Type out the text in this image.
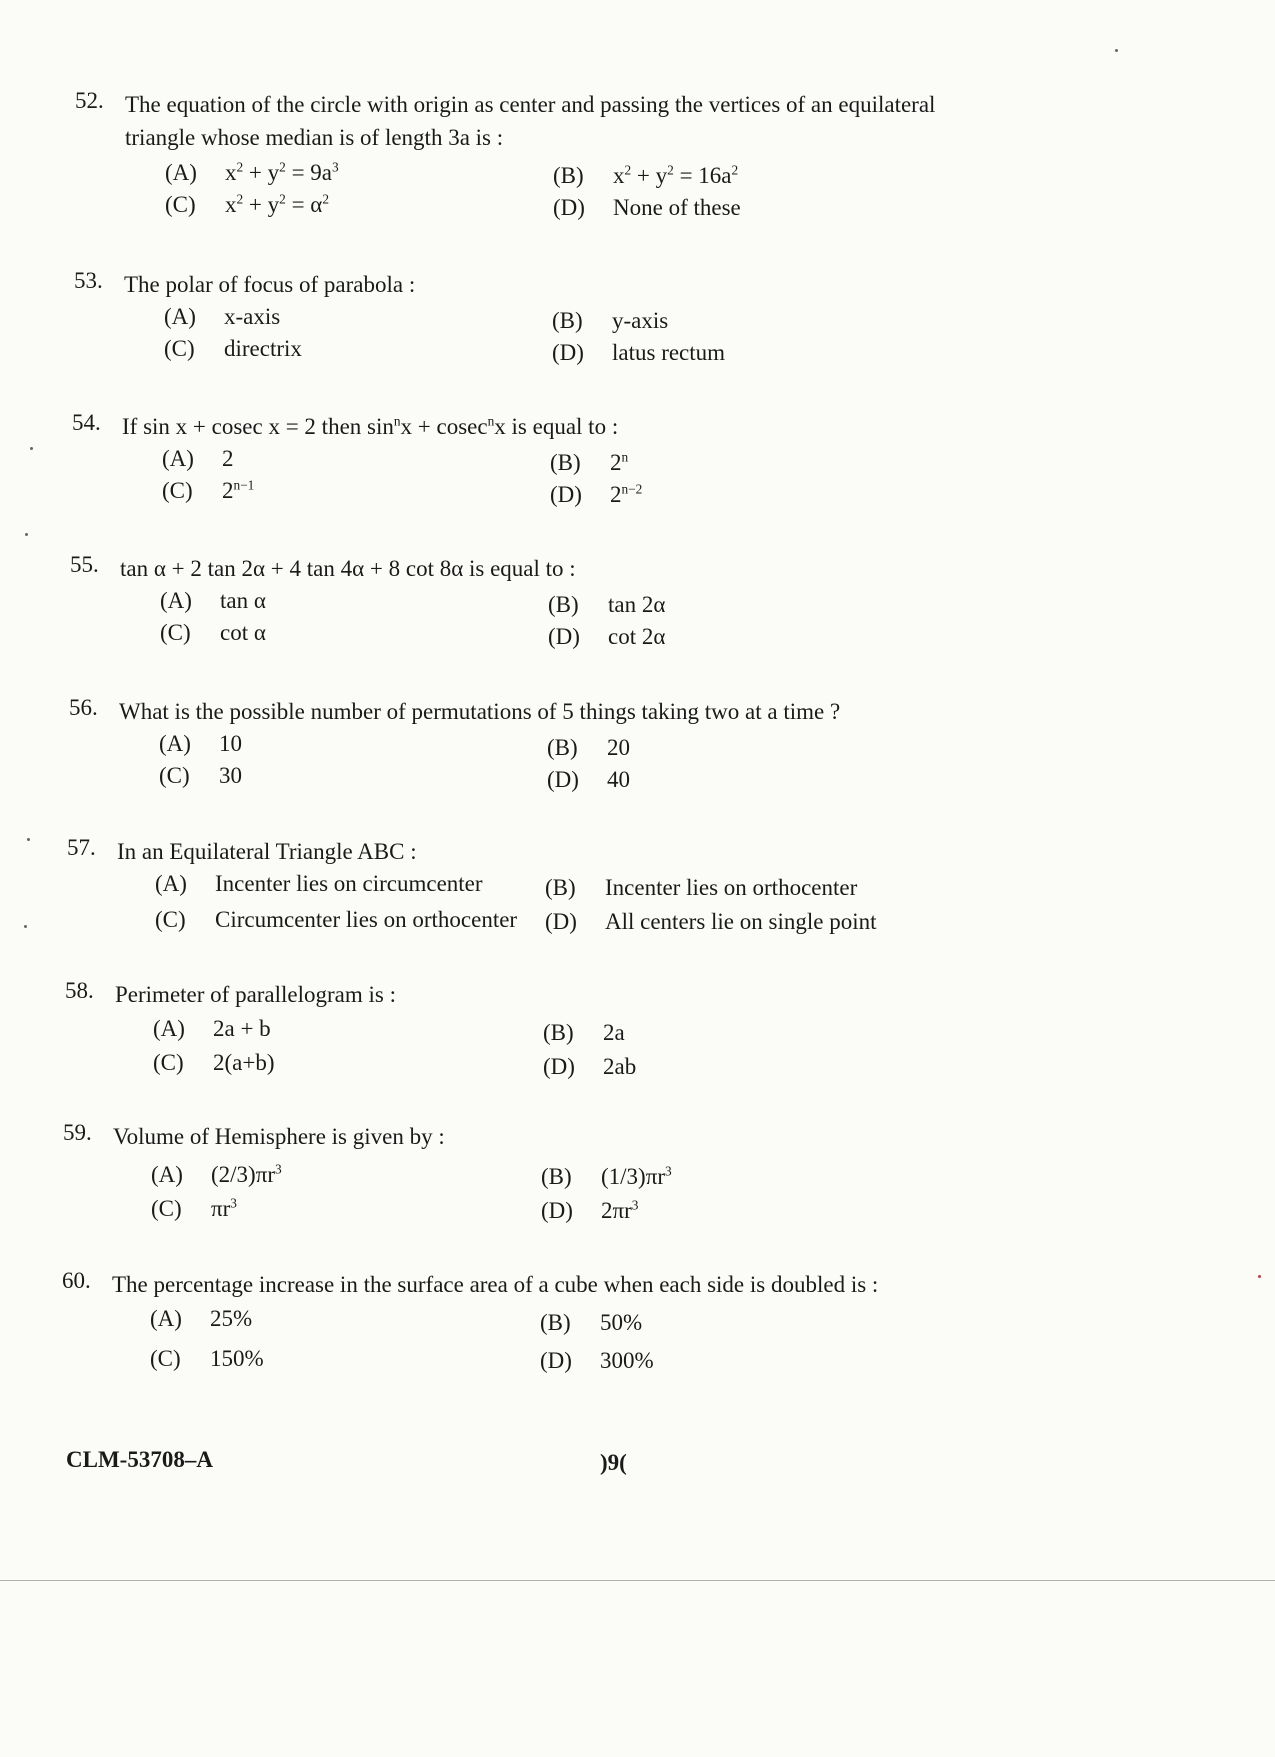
52. The equation of the circle with origin as center and passing the vertices of an equilateral triangle whose median is of length 3a is :
(A) $x^2 + y^2 = 9a^3$	(B) $x^2 + y^2 = 16a^2$
(C) $x^2 + y^2 = \alpha^2$	(D) None of these
53. The polar of focus of parabola :
(A) x-axis	(B) y-axis
(C) directrix	(D) latus rectum
54. If sin x + cosec x = 2 then $\sin^nx + cosec^nx$ is equal to :
(A) 2	(B) 2$^n$
(C) $2^{n-1}$	(D) $2^{n-2}$
55. tan α + 2 tan 2α + 4 tan 4α + 8 cot 8α is equal to :
(A) tan α	(B) tan 2α
(C) cot α	(D) cot 2α
56. What is the possible number of permutations of 5 things taking two at a time ?
(A) 10	(B) 20
(C) 30	(D) 40
57. In an Equilateral Triangle ABC :
(A) Incenter lies on circumcenter	(B) Incenter lies on orthocenter
(C) Circumcenter lies on orthocenter (D) All centers lie on single point
58. Perimeter of parallelogram is :
(A) 2a + b	(B) 2a
(C) 2(a+b)	(D) 2ab
59. Volume of Hemisphere is given by :
(A) $(2/3)\pi r^3$	(B) $(1/3)\pi r^3$
(C) $\pi r^3$	(D) $2\pi r^3$
60. The percentage increase in the surface area of a cube when each side is doubled is :
(A) 25%	(B) 50%
(C) 150%	(D) 300%
CLM-53708–A	)9(
